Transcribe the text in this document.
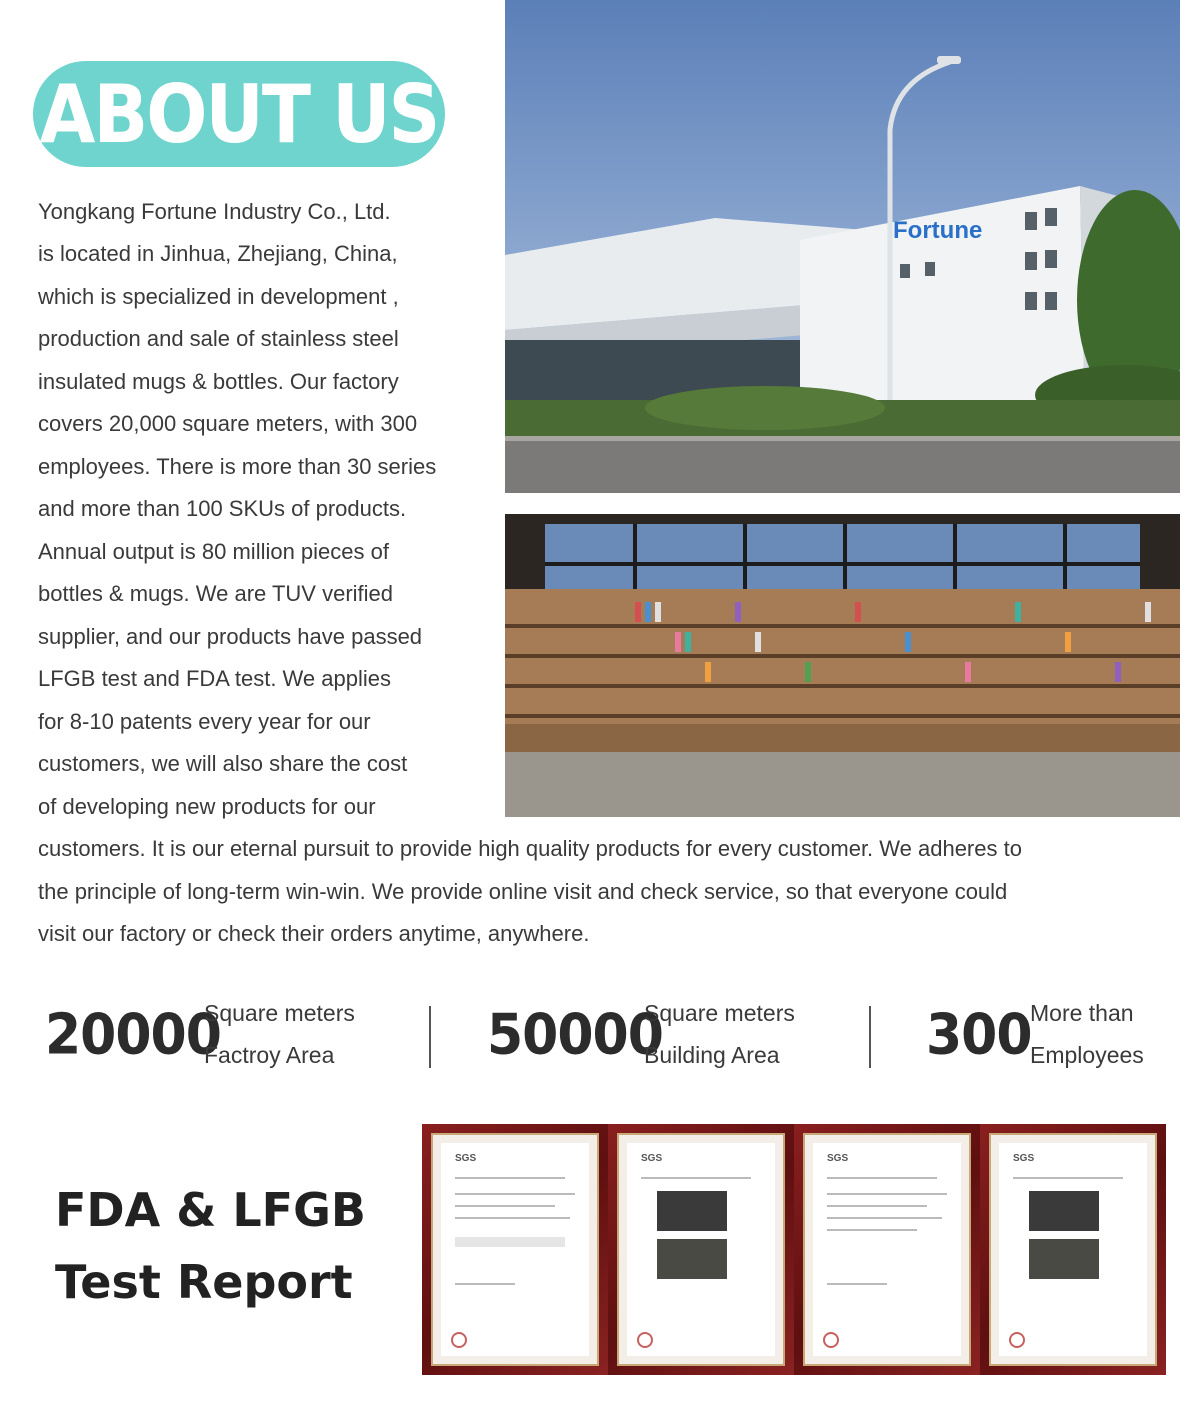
ABOUT US
Yongkang Fortune Industry Co., Ltd.
is located in Jinhua, Zhejiang, China,
which is specialized in development ,
production and sale of stainless steel
insulated mugs & bottles. Our factory
covers 20,000 square meters, with 300
employees. There is more than 30 series
and more than 100 SKUs of products.
Annual output is 80 million pieces of
bottles & mugs. We are TUV verified
supplier, and our products have passed
LFGB test and FDA test. We applies
for 8-10 patents every year for our
customers, we will also share the cost
of developing new products for our
customers. It is our eternal pursuit to provide high quality products for every customer. We adheres to
the principle of long-term win-win. We provide online visit and check service, so that everyone could
visit our factory or check their orders anytime, anywhere.
Fortune
20000
Square meters
Factroy Area	50000
Square meters
Building Area	300
More than
Employees
FDA & LFGB
Test Report
SGS	SGS	SGS	SGS
